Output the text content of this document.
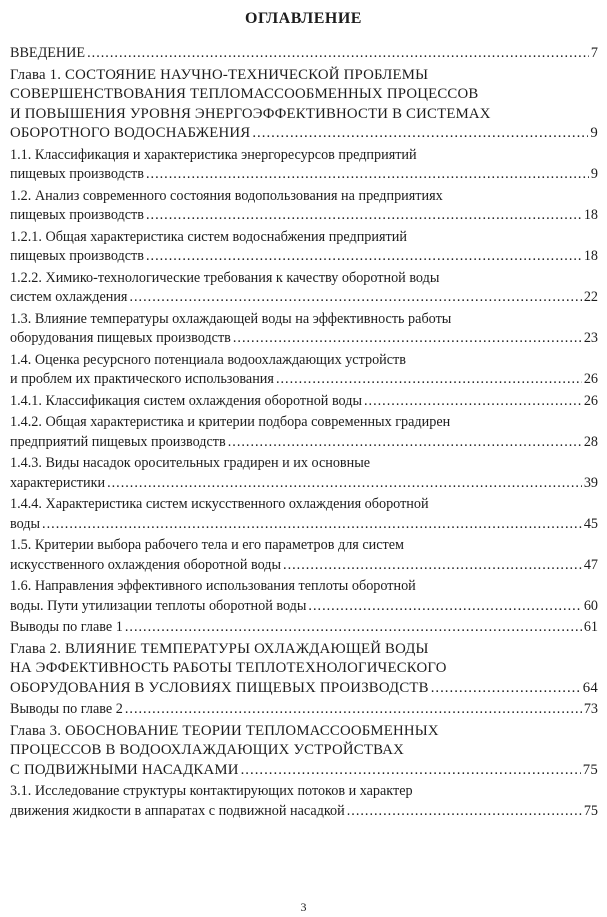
ОГЛАВЛЕНИЕ
ВВЕДЕНИЕ .....	7
Глава 1. СОСТОЯНИЕ НАУЧНО-ТЕХНИЧЕСКОЙ ПРОБЛЕМЫ
СОВЕРШЕНСТВОВАНИЯ ТЕПЛОМАССООБМЕННЫХ ПРОЦЕССОВ
И ПОВЫШЕНИЯ УРОВНЯ ЭНЕРГОЭФФЕКТИВНОСТИ В СИСТЕМАХ
ОБОРОТНОГО ВОДОСНАБЖЕНИЯ .....	9
1.1. Классификация и характеристика энергоресурсов предприятий
пищевых производств .....	9
1.2. Анализ современного состояния водопользования на предприятиях
пищевых производств .....	18
1.2.1. Общая характеристика систем водоснабжения предприятий
пищевых производств .....	18
1.2.2. Химико-технологические требования к качеству оборотной воды
систем охлаждения .....	22
1.3. Влияние температуры охлаждающей воды на эффективность работы
оборудования пищевых производств .....	23
1.4. Оценка ресурсного потенциала водоохлаждающих устройств
и проблем их практического использования .....	26
1.4.1. Классификация систем охлаждения оборотной воды .....	26
1.4.2. Общая характеристика и критерии подбора современных градирен
предприятий пищевых производств .....	28
1.4.3. Виды насадок оросительных градирен и их основные
характеристики .....	39
1.4.4. Характеристика систем искусственного охлаждения оборотной
воды .....	45
1.5. Критерии выбора рабочего тела и его параметров для систем
искусственного охлаждения оборотной воды .....	47
1.6. Направления эффективного использования теплоты оборотной
воды. Пути утилизации теплоты оборотной воды .....	60
Выводы по главе 1 .....	61
Глава 2. ВЛИЯНИЕ ТЕМПЕРАТУРЫ ОХЛАЖДАЮЩЕЙ ВОДЫ
НА ЭФФЕКТИВНОСТЬ РАБОТЫ ТЕПЛОТЕХНОЛОГИЧЕСКОГО
ОБОРУДОВАНИЯ В УСЛОВИЯХ ПИЩЕВЫХ ПРОИЗВОДСТВ .....	64
Выводы по главе 2 .....	73
Глава 3. ОБОСНОВАНИЕ ТЕОРИИ ТЕПЛОМАССООБМЕННЫХ
ПРОЦЕССОВ В ВОДООХЛАЖДАЮЩИХ УСТРОЙСТВАХ
С ПОДВИЖНЫМИ НАСАДКАМИ .....	75
3.1. Исследование структуры контактирующих потоков и характер
движения жидкости в аппаратах с подвижной насадкой .....	75
3
